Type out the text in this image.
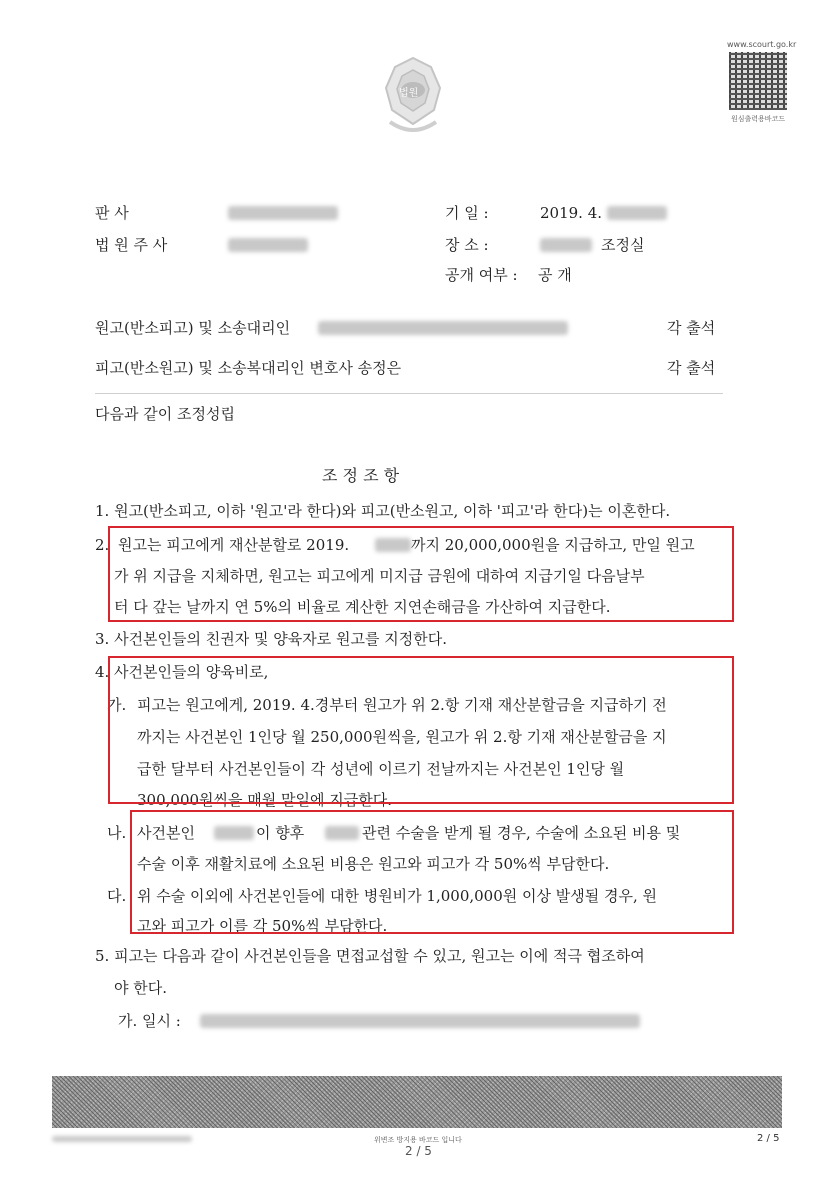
법원
www.scourt.go.kr
원심출력용바코드
판 사
법 원 주 사
기 일 :	2019. 4.
장 소 :	조정실
공개 여부 : 공 개
원고(반소피고) 및 소송대리인	각 출석
피고(반소원고) 및 소송복대리인 변호사 송정은	각 출석
다음과 같이 조정성립
조 정 조 항
1. 원고(반소피고, 이하 '원고'라 한다)와 피고(반소원고, 이하 '피고'라 한다)는 이혼한다.
2. 원고는 피고에게 재산분할로 2019.	까지 20,000,000원을 지급하고, 만일 원고
가 위 지급을 지체하면, 원고는 피고에게 미지급 금원에 대하여 지급기일 다음날부
터 다 갚는 날까지 연 5%의 비율로 계산한 지연손해금을 가산하여 지급한다.
3. 사건본인들의 친권자 및 양육자로 원고를 지정한다.
4. 사건본인들의 양육비로,
가. 피고는 원고에게, 2019. 4.경부터 원고가 위 2.항 기재 재산분할금을 지급하기 전
까지는 사건본인 1인당 월 250,000원씩을, 원고가 위 2.항 기재 재산분할금을 지
급한 달부터 사건본인들이 각 성년에 이르기 전날까지는 사건본인 1인당 월
300,000원씩을 매월 말일에 지급한다.
나. 사건본인	이 향후	관련 수술을 받게 될 경우, 수술에 소요된 비용 및
수술 이후 재활치료에 소요된 비용은 원고와 피고가 각 50%씩 부담한다.
다. 위 수술 이외에 사건본인들에 대한 병원비가 1,000,000원 이상 발생될 경우, 원
고와 피고가 이를 각 50%씩 부담한다.
5. 피고는 다음과 같이 사건본인들을 면접교섭할 수 있고, 원고는 이에 적극 협조하여
야 한다.
가. 일시 :
위변조 방지용 바코드 입니다	2 / 5
2 / 5
